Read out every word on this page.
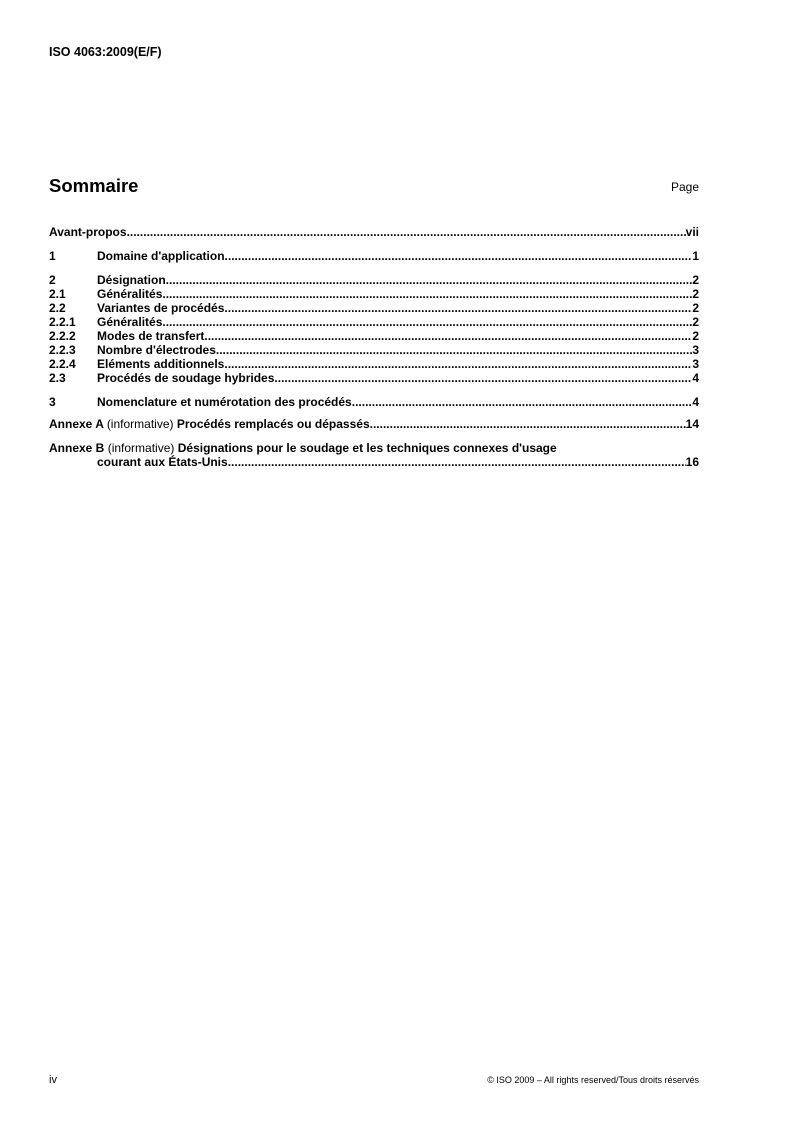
ISO 4063:2009(E/F)
Sommaire	Page
Avant-propos .....	vii
1	Domaine d'application .....	1
2	Désignation .....	2
2.1	Généralités .....	2
2.2	Variantes de procédés .....	2
2.2.1	Généralités .....	2
2.2.2	Modes de transfert .....	2
2.2.3	Nombre d'électrodes .....	3
2.2.4	Eléments additionnels .....	3
2.3	Procédés de soudage hybrides .....	4
3	Nomenclature et numérotation des procédés .....	4
Annexe A (informative) Procédés remplacés ou dépassés .....	14
Annexe B (informative) Désignations pour le soudage et les techniques connexes d'usage
courant aux États-Unis .....	16
iv	© ISO 2009 – All rights reserved/Tous droits réservés
